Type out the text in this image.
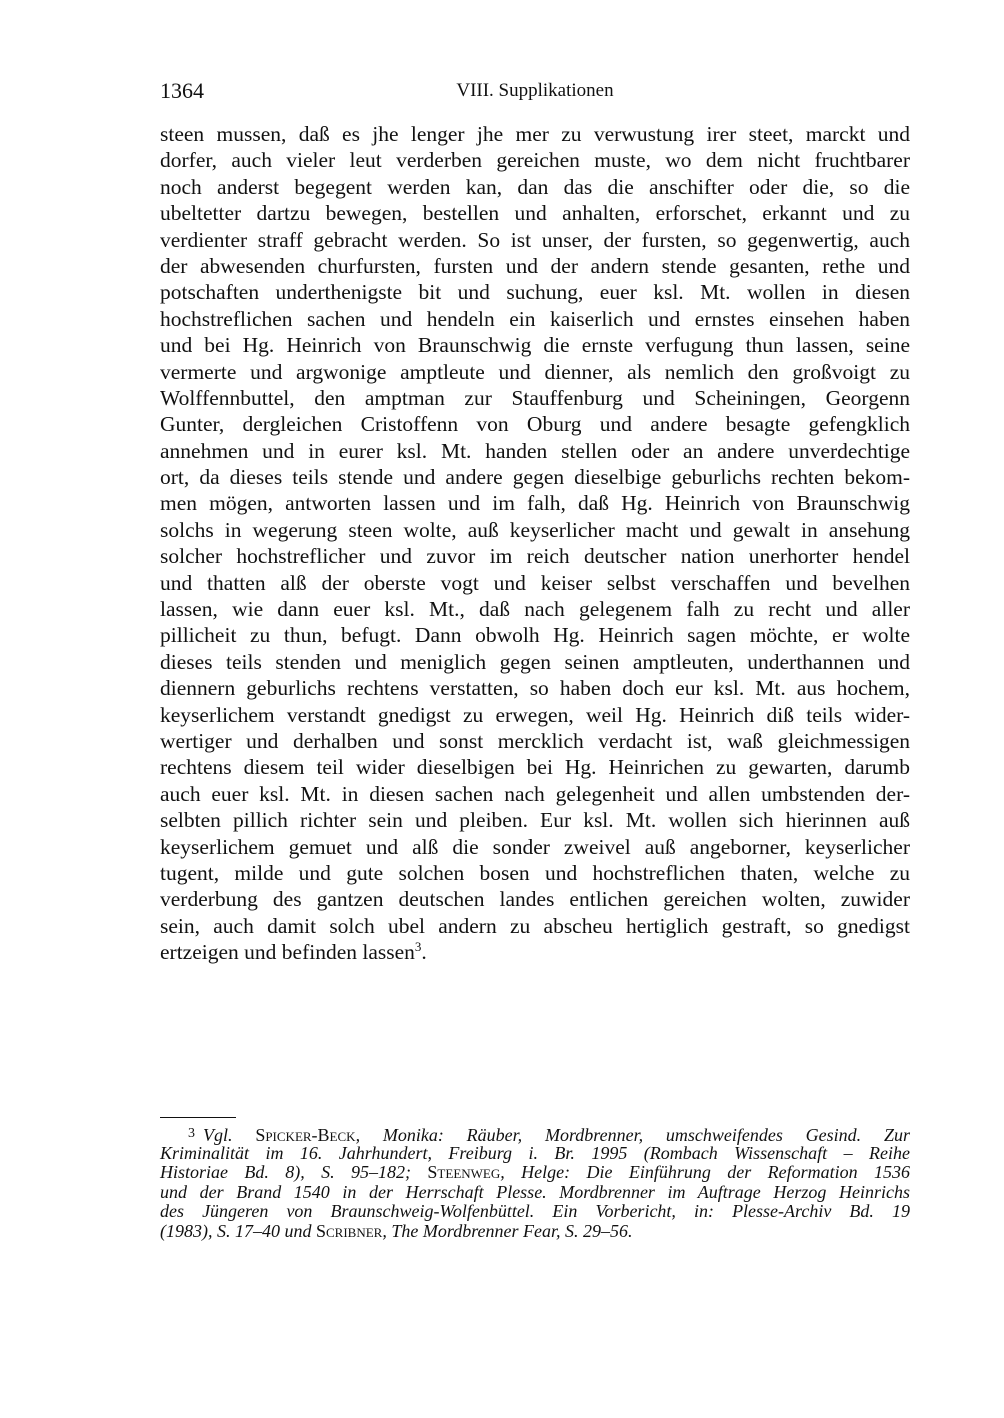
1364	VIII. Supplikationen
steen mussen, daß es jhe lenger jhe mer zu verwustung irer steet, marckt und
dorfer, auch vieler leut verderben gereichen muste, wo dem nicht fruchtbarer
noch anderst begegent werden kan, dan das die anschifter oder die, so die
ubeltetter dartzu bewegen, bestellen und anhalten, erforschet, erkannt und zu
verdienter straff gebracht werden. So ist unser, der fursten, so gegenwertig, auch
der abwesenden churfursten, fursten und der andern stende gesanten, rethe und
potschaften underthenigste bit und suchung, euer ksl. Mt. wollen in diesen
hochstreflichen sachen und hendeln ein kaiserlich und ernstes einsehen haben
und bei Hg. Heinrich von Braunschwig die ernste verfugung thun lassen, seine
vermerte und argwonige amptleute und dienner, als nemlich den großvoigt zu
Wolffennbuttel, den amptman zur Stauffenburg und Scheiningen, Georgenn
Gunter, dergleichen Cristoffenn von Oburg und andere besagte gefengklich
annehmen und in eurer ksl. Mt. handen stellen oder an andere unverdechtige
ort, da dieses teils stende und andere gegen dieselbige geburlichs rechten bekom-
men mögen, antworten lassen und im falh, daß Hg. Heinrich von Braunschwig
solchs in wegerung steen wolte, auß keyserlicher macht und gewalt in ansehung
solcher hochstreflicher und zuvor im reich deutscher nation unerhorter hendel
und thatten alß der oberste vogt und keiser selbst verschaffen und bevelhen
lassen, wie dann euer ksl. Mt., daß nach gelegenem falh zu recht und aller
pillicheit zu thun, befugt. Dann obwolh Hg. Heinrich sagen möchte, er wolte
dieses teils stenden und meniglich gegen seinen amptleuten, underthannen und
diennern geburlichs rechtens verstatten, so haben doch eur ksl. Mt. aus hochem,
keyserlichem verstandt gnedigst zu erwegen, weil Hg. Heinrich diß teils wider-
wertiger und derhalben und sonst mercklich verdacht ist, waß gleichmessigen
rechtens diesem teil wider dieselbigen bei Hg. Heinrichen zu gewarten, darumb
auch euer ksl. Mt. in diesen sachen nach gelegenheit und allen umbstenden der-
selbten pillich richter sein und pleiben. Eur ksl. Mt. wollen sich hierinnen auß
keyserlichem gemuet und alß die sonder zweivel auß angeborner, keyserlicher
tugent, milde und gute solchen bosen und hochstreflichen thaten, welche zu
verderbung des gantzen deutschen landes entlichen gereichen wolten, zuwider
sein, auch damit solch ubel andern zu abscheu hertiglich gestraft, so gnedigst
ertzeigen und befinden lassen$^3$.
$^3$ Vgl. Spicker-Beck, Monika: Räuber, Mordbrenner, umschweifendes Gesind. Zur
Kriminalität im 16. Jahrhundert, Freiburg i. Br. 1995 (Rombach Wissenschaft – Reihe
Historiae Bd. 8), S. 95–182; Steenweg, Helge: Die Einführung der Reformation 1536
und der Brand 1540 in der Herrschaft Plesse. Mordbrenner im Auftrage Herzog Heinrichs
des Jüngeren von Braunschweig-Wolfenbüttel. Ein Vorbericht, in: Plesse-Archiv Bd. 19
(1983), S. 17–40 und Scribner, The Mordbrenner Fear, S. 29–56.
